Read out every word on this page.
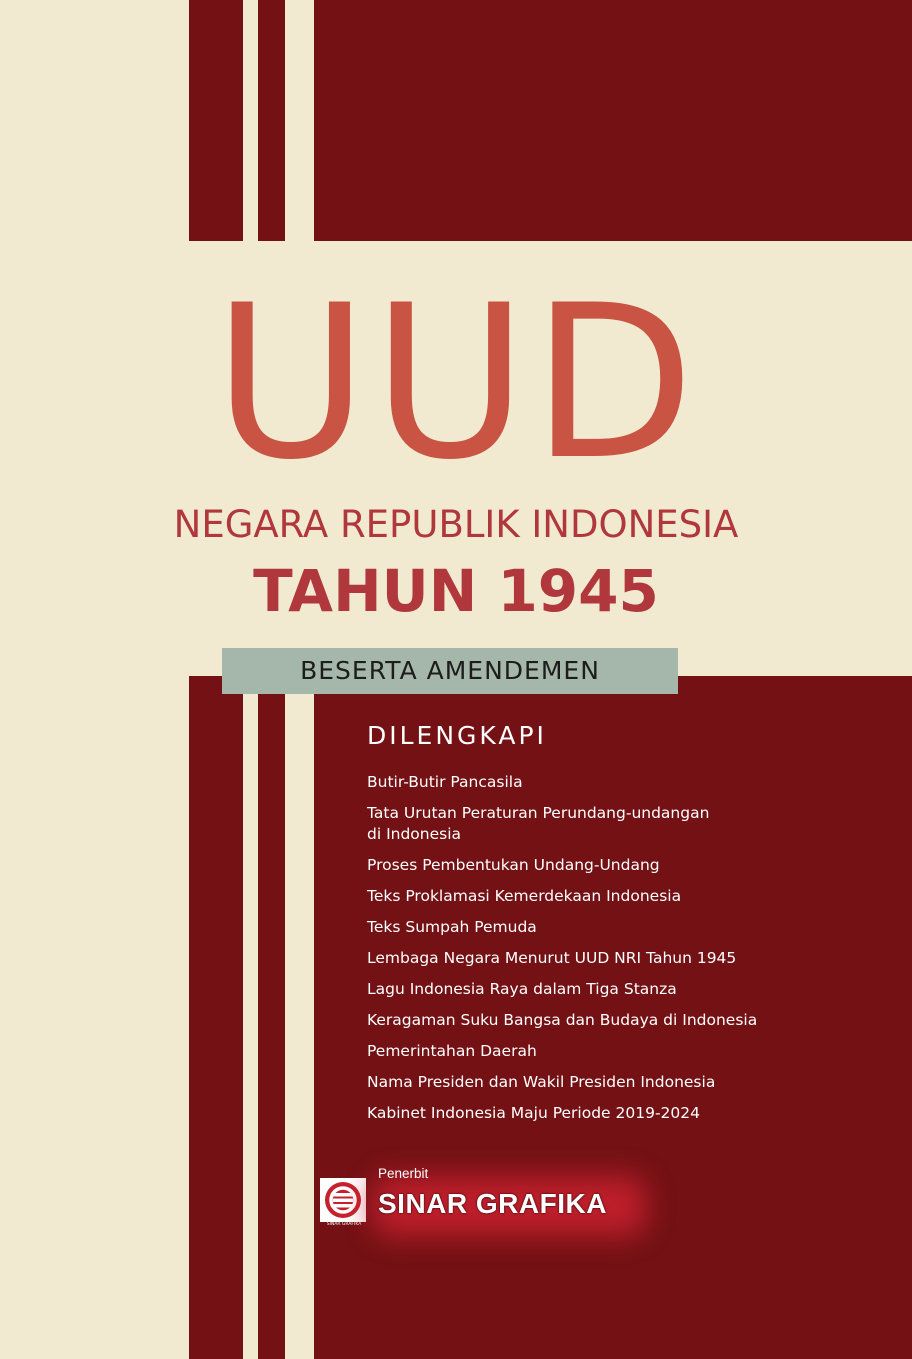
UUD
NEGARA REPUBLIK INDONESIA
TAHUN 1945
BESERTA AMENDEMEN
DILENGKAPI
Butir-Butir Pancasila
Tata Urutan Peraturan Perundang-undangan
di Indonesia
Proses Pembentukan Undang-Undang
Teks Proklamasi Kemerdekaan Indonesia
Teks Sumpah Pemuda
Lembaga Negara Menurut UUD NRI Tahun 1945
Lagu Indonesia Raya dalam Tiga Stanza
Keragaman Suku Bangsa dan Budaya di Indonesia
Pemerintahan Daerah
Nama Presiden dan Wakil Presiden Indonesia
Kabinet Indonesia Maju Periode 2019-2024
SINAR GRAFIKA
Penerbit
SINAR GRAFIKA
